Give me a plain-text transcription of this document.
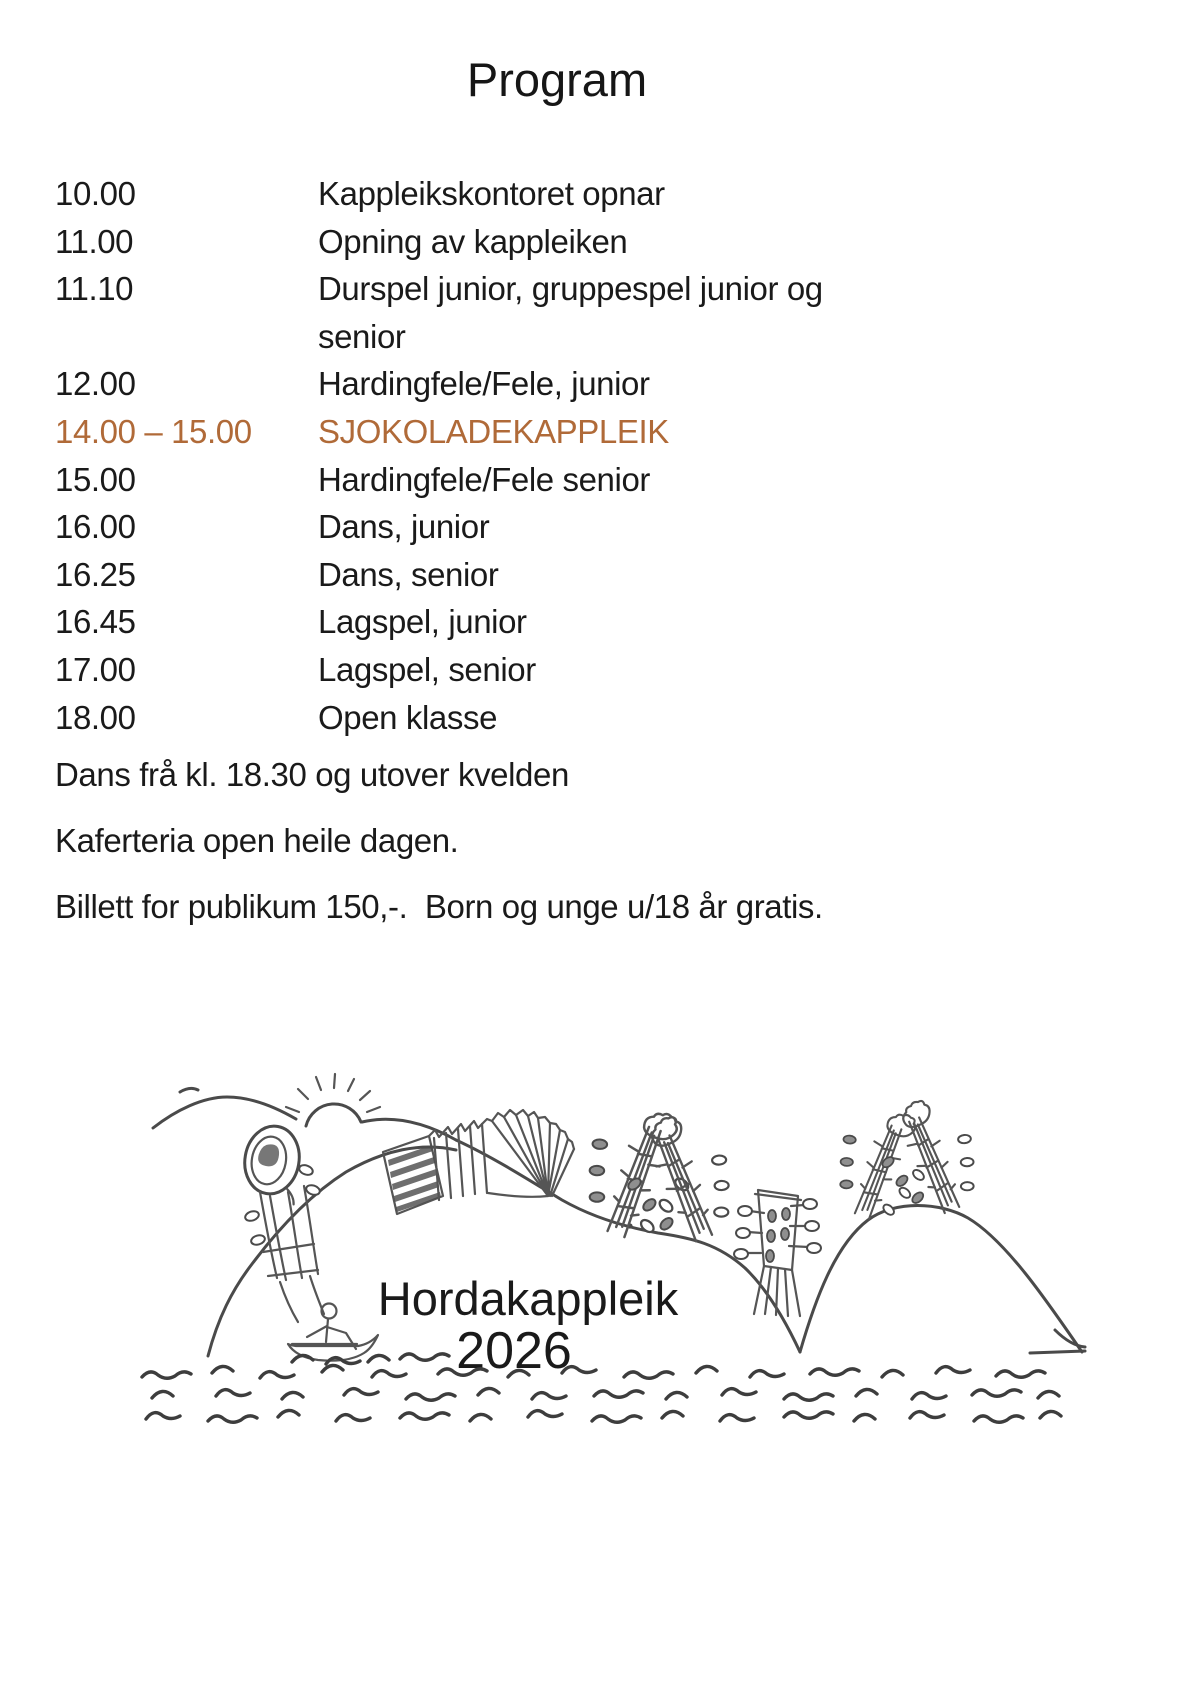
Program
10.00	Kappleikskontoret opnar
11.00	Opning av kappleiken
11.10	Durspel junior, gruppespel junior og senior
12.00	Hardingfele/Fele, junior
14.00 – 15.00	SJOKOLADEKAPPLEIK
15.00	Hardingfele/Fele senior
16.00	Dans, junior
16.25	Dans, senior
16.45	Lagspel, junior
17.00	Lagspel, senior
18.00	Open klasse

Dans frå kl. 18.30 og utover kvelden

Kaferteria open heile dagen.

Billett for publikum 150,-.  Born og unge u/18 år gratis.

Hordakappleik
2026
